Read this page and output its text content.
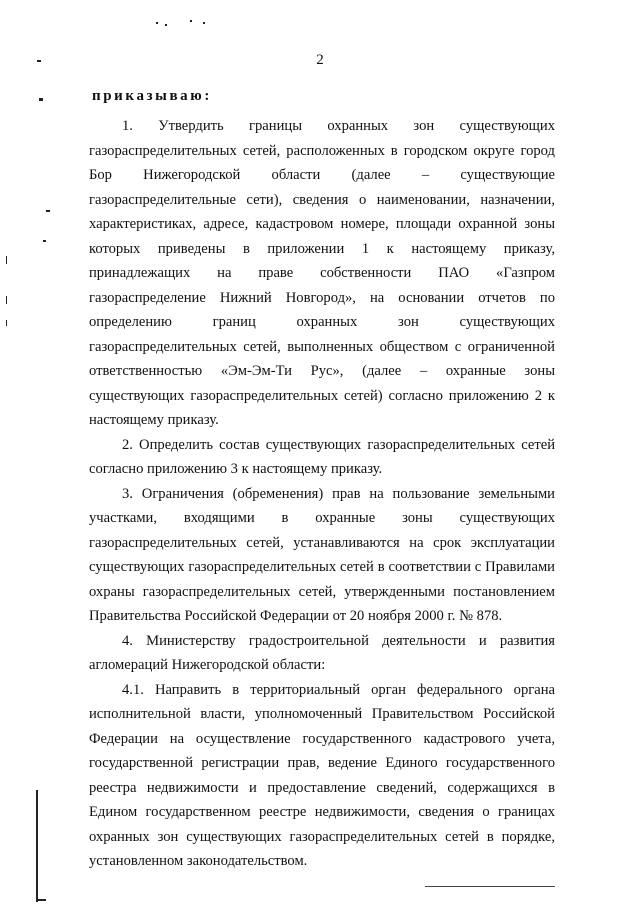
2
приказываю:

1. Утвердить границы охранных зон существующих газораспределительных сетей, расположенных в городском округе город Бор Нижегородской области (далее – существующие газораспределительные сети), сведения о наименовании, назначении, характеристиках, адресе, кадастровом номере, площади охранной зоны которых приведены в приложении 1 к настоящему приказу, принадлежащих на праве собственности ПАО «Газпром газораспределение Нижний Новгород», на основании отчетов по определению границ охранных зон существующих газораспределительных сетей, выполненных обществом с ограниченной ответственностью «Эм-Эм-Ти Рус», (далее – охранные зоны существующих газораспределительных сетей) согласно приложению 2 к настоящему приказу.

2. Определить состав существующих газораспределительных сетей согласно приложению 3 к настоящему приказу.

3. Ограничения (обременения) прав на пользование земельными участками, входящими в охранные зоны существующих газораспределительных сетей, устанавливаются на срок эксплуатации существующих газораспределительных сетей в соответствии с Правилами охраны газораспределительных сетей, утвержденными постановлением Правительства Российской Федерации от 20 ноября 2000 г. № 878.

4. Министерству градостроительной деятельности и развития агломераций Нижегородской области:

4.1. Направить в территориальный орган федерального органа исполнительной власти, уполномоченный Правительством Российской Федерации на осуществление государственного кадастрового учета, государственной регистрации прав, ведение Единого государственного реестра недвижимости и предоставление сведений, содержащихся в Едином государственном реестре недвижимости, сведения о границах охранных зон существующих газораспределительных сетей в порядке, установленном законодательством.
